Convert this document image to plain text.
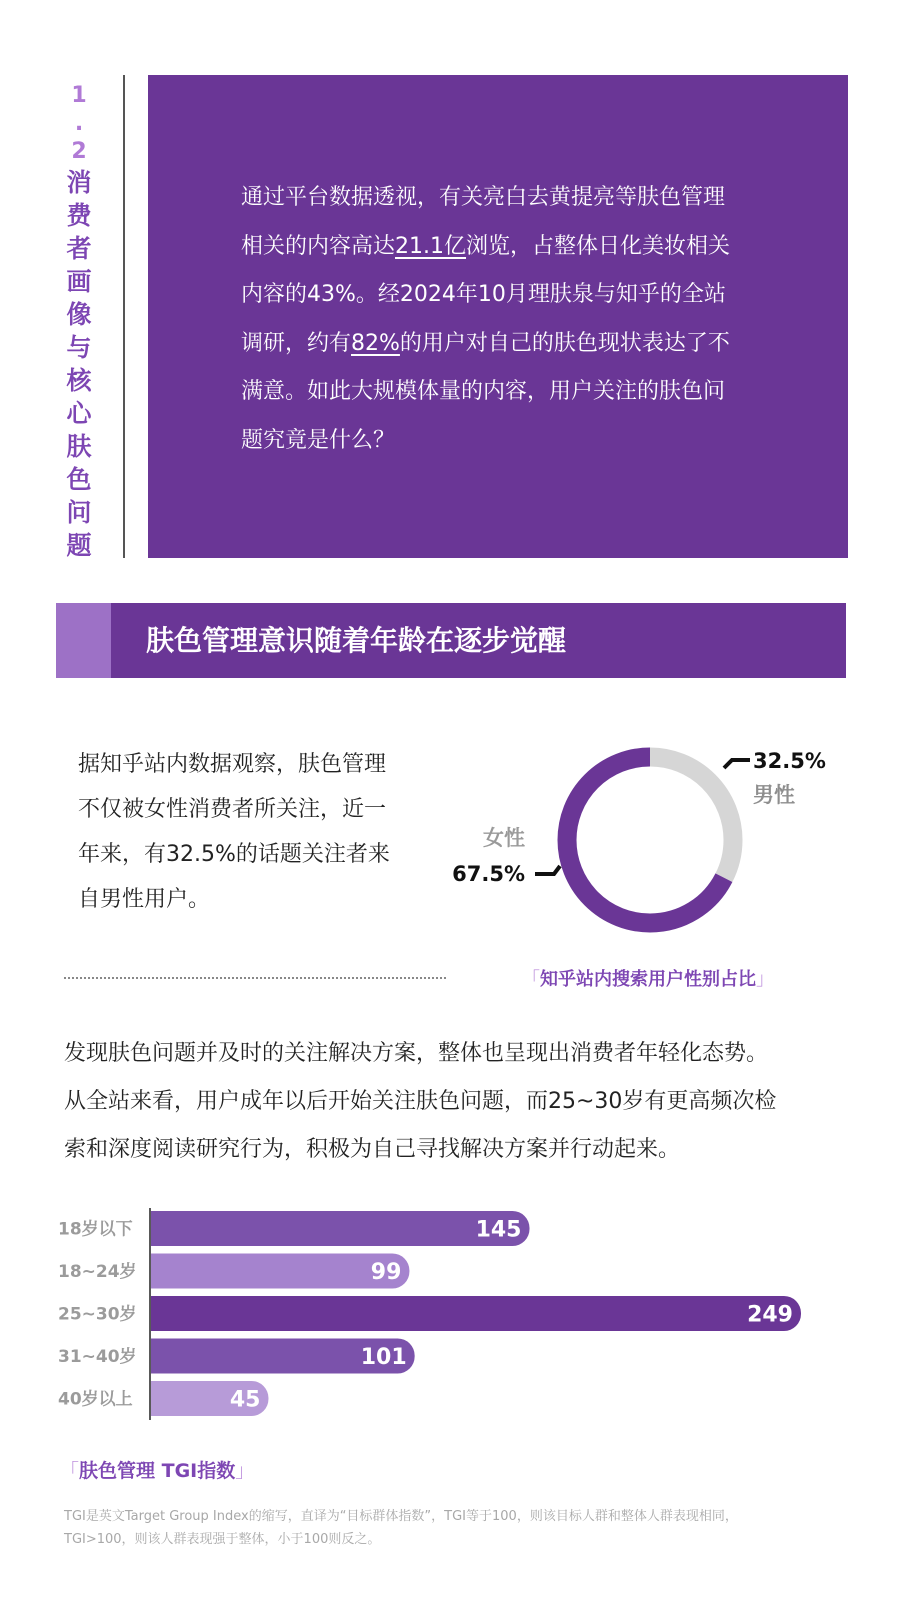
1
.
2
消
费
者
画
像
与
核
心
肤
色
问
题
通过平台数据透视，有关亮白去黄提亮等肤色管理
相关的内容高达21.1亿浏览，占整体日化美妆相关
内容的43%。经2024年10月理肤泉与知乎的全站
调研，约有82%的用户对自己的肤色现状表达了不
满意。如此大规模体量的内容，用户关注的肤色问
题究竟是什么？
肤色管理意识随着年龄在逐步觉醒
据知乎站内数据观察，肤色管理
不仅被女性消费者所关注，近一
年来，有32.5%的话题关注者来
自男性用户。
32.5%
男性
67.5%
女性
「知乎站内搜索用户性别占比」
发现肤色问题并及时的关注解决方案，整体也呈现出消费者年轻化态势。
从全站来看，用户成年以后开始关注肤色问题，而25~30岁有更高频次检
索和深度阅读研究行为，积极为自己寻找解决方案并行动起来。
18岁以下	145
18~24岁	99
25~30岁	249
31~40岁	101
40岁以上	45
「肤色管理 TGI指数」
TGI是英文Target Group Index的缩写，直译为“目标群体指数”，TGI等于100，则该目标人群和整体人群表现相同，
TGI>100，则该人群表现强于整体，小于100则反之。
